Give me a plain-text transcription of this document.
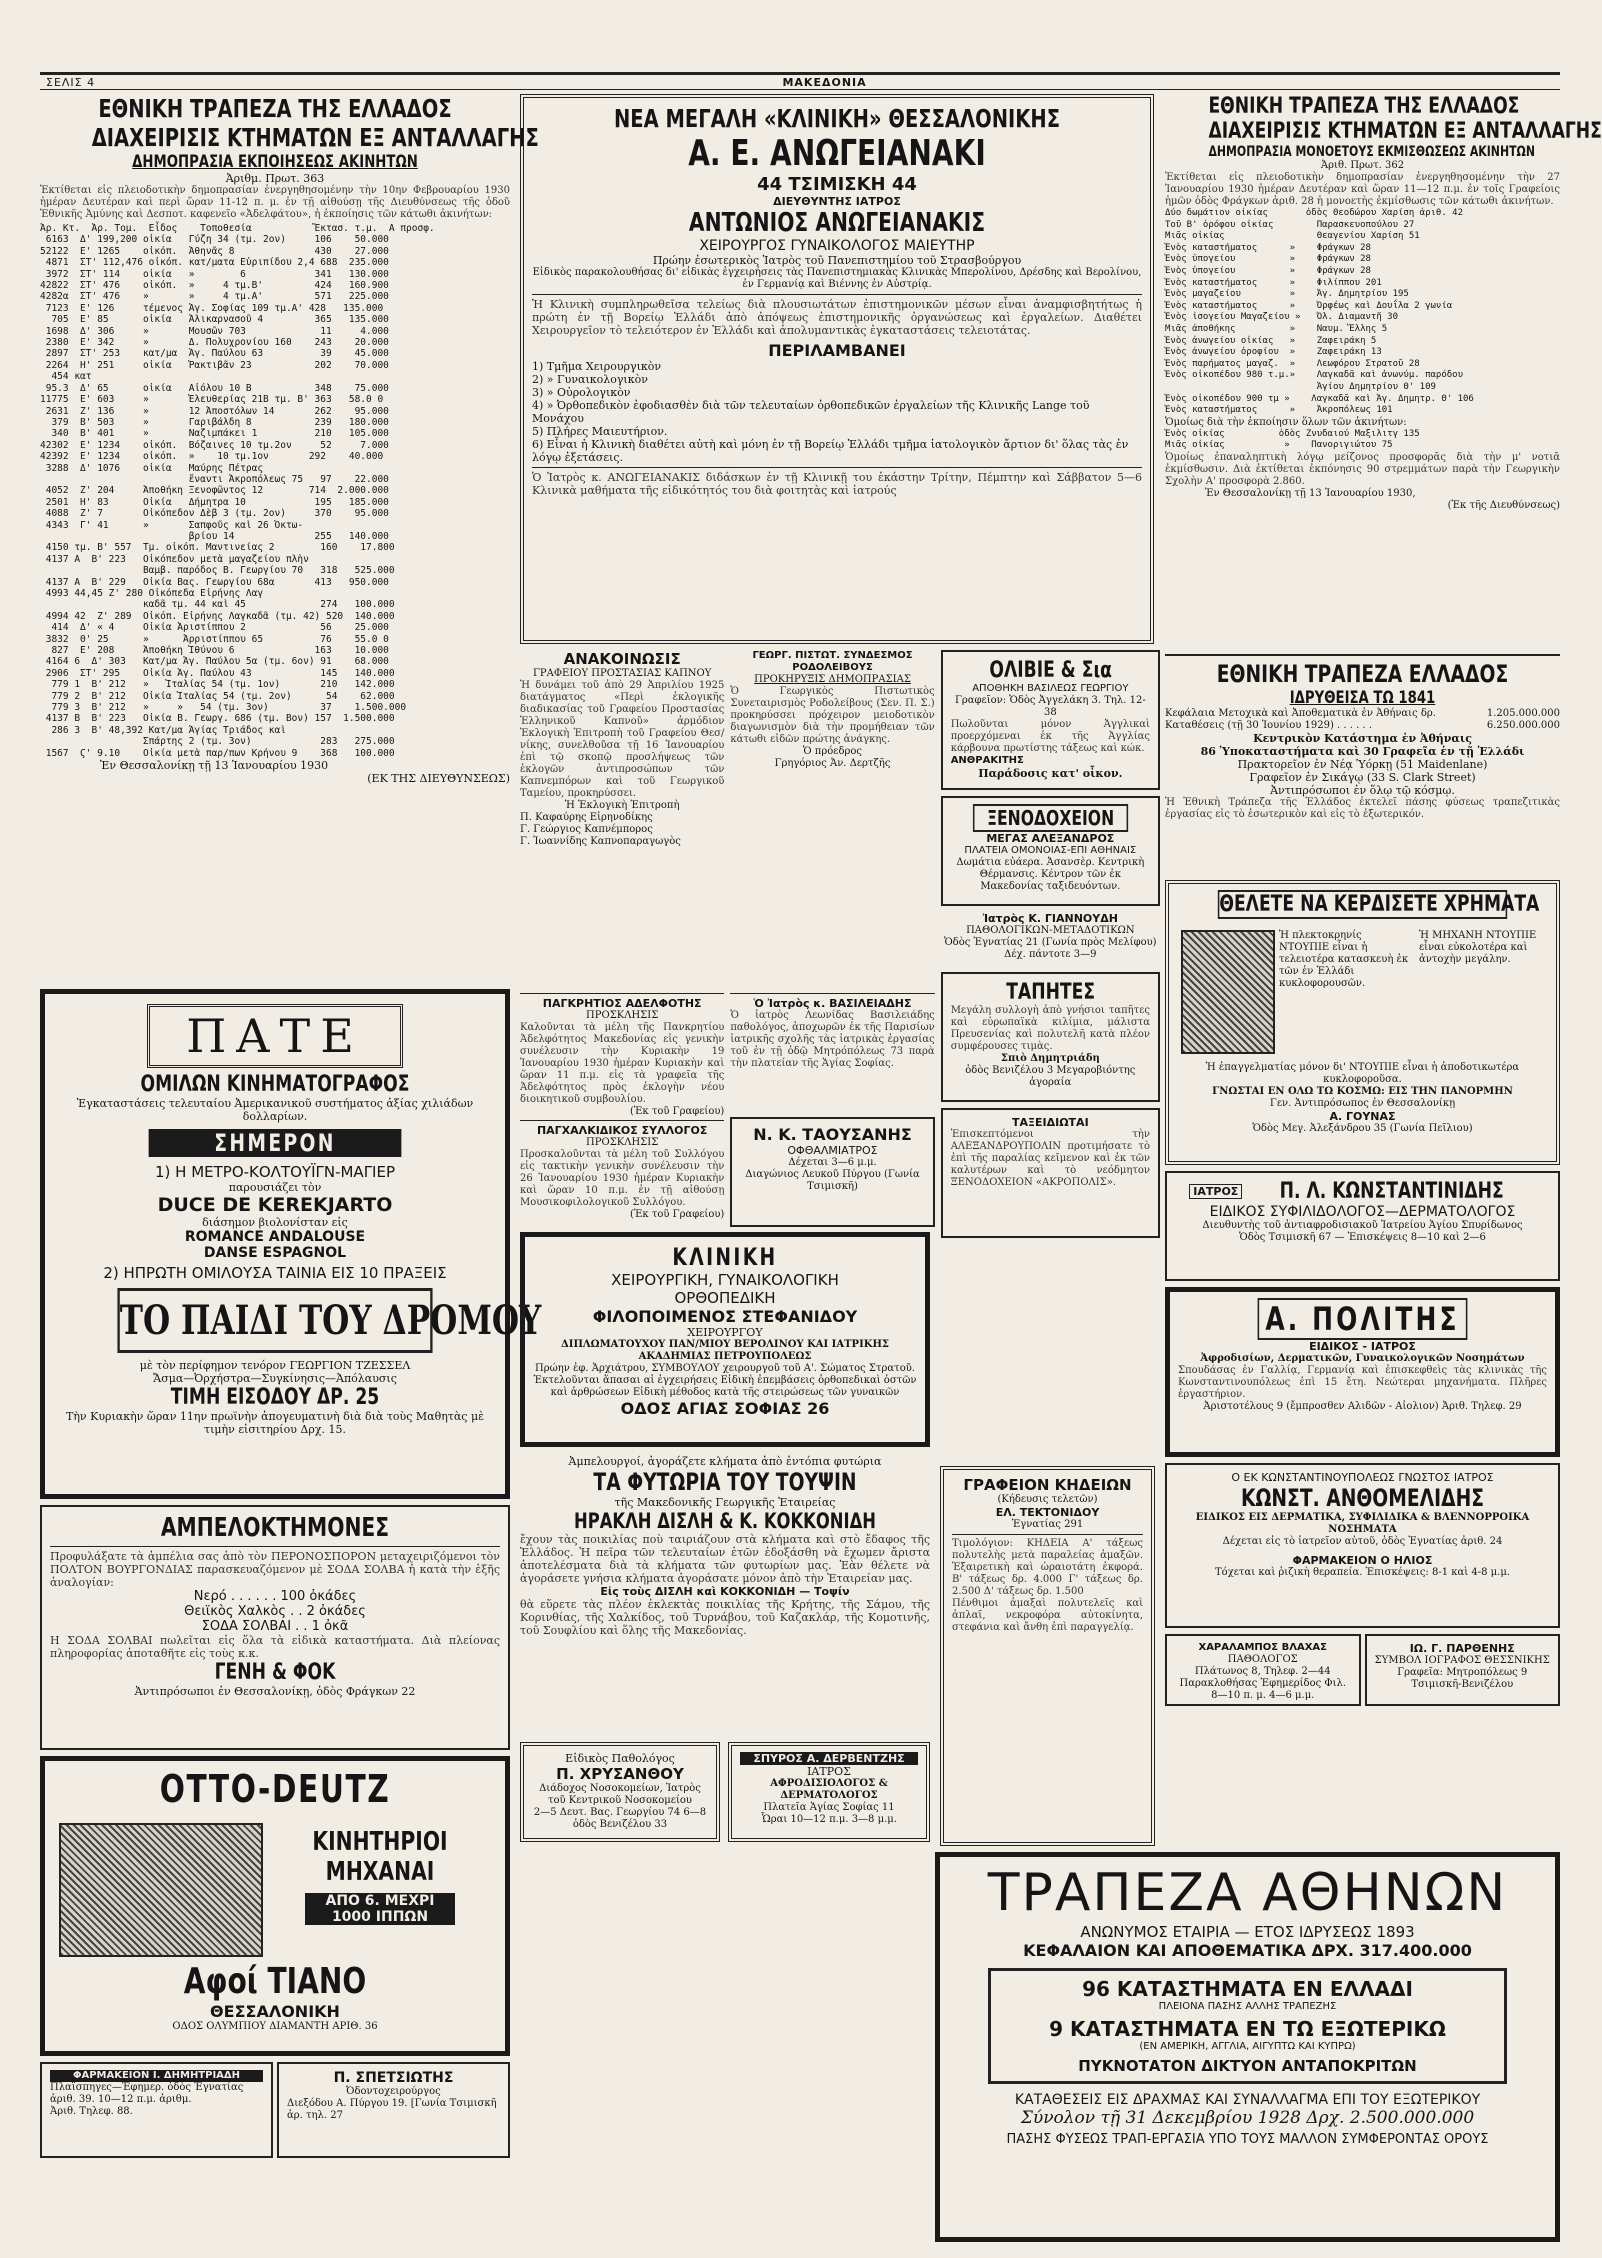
ΣΕΛΙΣ 4	ΜΑΚΕΔΟΝΙΑ
ΕΘΝΙΚΗ ΤΡΑΠΕΖΑ ΤΗΣ ΕΛΛΑΔΟΣ
ΔΙΑΧΕΙΡΙΣΙΣ ΚΤΗΜΑΤΩΝ ΕΞ ΑΝΤΑΛΛΑΓΗΣ
ΔΗΜΟΠΡΑΣΙΑ ΕΚΠΟΙΗΣΕΩΣ ΑΚΙΝΗΤΩΝ
Ἀριθμ. Πρωτ. 363
Ἐκτίθεται εἰς πλειοδοτικὴν δημοπρασίαν ἐνεργηθησομένην τὴν 10ην Φεβρουαρίου 1930 ἡμέραν Δευτέραν καὶ περὶ ὥραν 11-12 π. μ. ἐν τῇ αἰθούσῃ τῆς Διευθύνσεως τῆς ὁδοῦ Ἐθνικῆς Ἀμύνης καὶ Δεσποτ. καφενεῖο «Ἀδελφάτου», ἡ ἐκποίησις τῶν κάτωθι ἀκινήτων:
Ἀρ. Κτ.  Ἀρ. Τομ.  Εἶδος    Τοποθεσία           Ἔκτασ. τ.μ.  Α προσφ.
6163  Δ' 199,200 οἰκία   Γύζη 34 (τμ. 2ον)     106    50.000
52122  Ε' 1265    οἰκόπ.  Ἀθηνᾶς 8              430    27.000
4871  ΣΤ' 112,476 οἰκόπ. κατ/ματα Εὐριπίδου 2,4 688  235.000
3972  ΣΤ' 114    οἰκία   »        6            341   130.000
42822  ΣΤ' 476    οἰκόπ.  »     4 τμ.Β'         424   160.900
4282α  ΣΤ' 476    »       »     4 τμ.Α'         571   225.000
7123  Ε' 126     τέμενος Ἁγ. Σοφίας 109 τμ.Α' 428   135.000
705  Ε' 85      οἰκία   Ἀλικαρνασοῦ 4         365   135.000
1698  Δ' 306     »       Μουσῶν 703             11     4.000
2380  Ε' 342     »       Δ. Πολυχρονίου 160    243    20.000
2897  ΣΤ' 253    κατ/μα  Ἁγ. Παύλου 63          39    45.000
2264  Η' 251     οἰκία   Ῥακτιβᾶν 23           202    70.000
454 κατ
95.3  Δ' 65      οἰκία   Αἰόλου 10 Β           348    75.000
11775  Ε' 603     »       Ἐλευθερίας 21Β τμ. Β' 363   58.0 0
2631  Ζ' 136     »       12 Ἀποστόλων 14       262    95.000
379  Β' 503     »       Γαριβάλδη 8           239   180.000
340  Β' 401     »       Ναζιμπάκει 1          210   105.000
42302  Ε' 1234    οἰκόπ.  Βόζαινες 10 τμ.2ον     52     7.000
42392  Ε' 1234    οἰκόπ.  »    10 τμ.1ον       292    40.000
3288  Δ' 1076    οἰκία   Μαύρης Πέτρας
ἔναντι Ἀκροπόλεως 75   97    22.000
4052  Ζ' 204     Ἀποθήκη Ξενοφῶντος 12        714  2.000.000
2501  Η' 83      Οἰκία   Δήμητρα 10            195   185.000
4088  Ζ' 7       Οἰκόπεδον Δὲβ 3 (τμ. 2ον)     370    95.000
4343  Γ' 41      »       Σαπφοῦς καὶ 26 Ὀκτω-
βρίου 14              255   140.000
4150 τμ. Β' 557  Τμ. οἰκόπ. Μαντινείας 2        160    17.800
4137 Α  Β' 223   Οἰκόπεδον μετὰ μαγαζείου πλὴν
Βαμβ. παρόδος Β. Γεωργίου 70   318   525.000
4137 Α  Β' 229   Οἰκία Βας. Γεωργίου 68α       413   950.000
4993 44,45 Ζ' 280 Οἰκόπεδα Εἰρήνης Λαγ
καδᾶ τμ. 44 καὶ 45             274   100.000
4994 42  Ζ' 289  Οἰκόπ. Εἰρήνης Λαγκαδᾶ (τμ. 42) 520  140.000
414  Δ' « 4     Οἰκία Ἀριστίππου 2             56    25.000
3832  Θ' 25      »      Ἀρριστίππου 65          76    55.0 0
827  Ε' 208     Ἀποθήκη Ἰθύνου 6              163    10.000
4164 6  Δ' 303   Κατ/μα Ἁγ. Παύλου 5α (τμ. 6ον) 91    68.000
2906  ΣΤ' 295    Οἰκία Ἁγ. Παύλου 43            145   140.000
779 1  Β' 212   »   Ἰταλίας 54 (τμ. 1ον)       210   142.000
779 2  Β' 212   Οἰκία Ἰταλίας 54 (τμ. 2ον)      54    62.000
779 3  Β' 212   »     »   54 (τμ. 3ον)         37    1.500.000
4137 Β  Β' 223   Οἰκία Β. Γεωργ. 686 (τμ. Βον) 157  1.500.000
286 3  Β' 48,392 Κατ/μα Ἁγίας Τριάδος καὶ
Σπάρτης 2 (τμ. 3ον)            283   275.000
1567  Ϛ' 9.10    Οἰκία μετὰ παρ/πων Κρήνου 9    368   100.000
Ἐν Θεσσαλονίκῃ τῇ 13 Ἰανουαρίου 1930
(ΕΚ ΤΗΣ ΔΙΕΥΘΥΝΣΕΩΣ)
ΠΑΤΕ
ΟΜΙΛΩΝ ΚΙΝΗΜΑΤΟΓΡΑΦΟΣ
Ἐγκαταστάσεις τελευταίου Ἀμερικανικοῦ συστήματος ἀξίας χιλιάδων δολλαρίων.
ΣΗΜΕΡΟΝ
1) Η ΜΕΤΡΟ-ΚΟΛΤΟΥΪΓΝ-ΜΑΓΙΕΡ
παρουσιάζει τὸν
DUCE DE KEREKJARTO
διάσημον βιολονίσταν εἰς
ROMANCE ANDALOUSE
DANSE ESPAGNOL
2) ΗΠΡΩΤΗ ΟΜΙΛΟΥΣΑ ΤΑΙΝΙΑ ΕΙΣ 10 ΠΡΑΞΕΙΣ
ΤΟ ΠΑΙΔΙ ΤΟΥ ΔΡΟΜΟΥ
μὲ τὸν περίφημον τενόρον ΓΕΩΡΓΙΟΝ ΤΖΕΣΣΕΛ
Ἄσμα—Ὀρχήστρα—Συγκίνησις—Ἀπόλαυσις
ΤΙΜΗ ΕΙΣΟΔΟΥ ΔΡ. 25
Τὴν Κυριακὴν ὥραν 11ην πρωϊνὴν ἀπογευματινὴ διὰ διὰ τοὺς Μαθητὰς μὲ τιμὴν εἰσιτηρίου Δρχ. 15.
ΑΜΠΕΛΟΚΤΗΜΟΝΕΣ
Προφυλάξατε τὰ ἀμπέλια σας ἀπὸ τὸν ΠΕΡΟΝΟΣΠΟΡΟΝ μεταχειριζόμενοι τὸν ΠΟΛΤΟΝ ΒΟΥΡΓΟΝΔΙΑΣ παρασκευαζόμενον μὲ ΣΟΔΑ ΣΟΛΒΑ ἡ κατὰ τὴν ἑξῆς ἀναλογίαν:
Νερό . . . . . . 100 ὀκάδες
Θειϊκὸς Χαλκὸς . . 2 ὀκάδες
ΣΟΔΑ ΣΟΛΒΑΙ . . 1 ὀκᾶ
Η ΣΟΔΑ ΣΟΛΒΑΙ πωλεῖται εἰς ὅλα τὰ εἰδικὰ καταστήματα. Διὰ πλείονας πληροφορίας ἀποταθῆτε εἰς τοὺς κ.κ.
ΓΕΝΗ & ΦΟΚ
Ἀντιπρόσωποι ἐν Θεσσαλονίκῃ, ὁδὸς Φράγκων 22
OTTO-DEUTZ
ΚΙΝΗΤΗΡΙΟΙ
ΜΗΧΑΝΑΙ
ΑΠΟ 6. ΜΕΧΡΙ
1000 ΙΠΠΩΝ
Αφοί ΤΙΑΝΟ
ΘΕΣΣΑΛΟΝΙΚΗ
ΟΔΟΣ ΟΛΥΜΠΙΟΥ ΔΙΑΜΑΝΤΗ ΑΡΙΘ. 36
ΦΑΡΜΑΚΕΙΟΝ Ι. ΔΗΜΗΤΡΙΑΔΗ
Πλαϊσπηγες—Ἐφημερ. ὁδὸς Ἐγνατίας ἀριθ. 39. 10—12 π.μ. ἀριθμ.
Ἀριθ. Τηλεφ. 88.
Π. ΣΠΕΤΣΙΩΤΗΣ
Ὀδοντοχειρούργος
Διεξόδου Α. Πύργου 19. [Γωνία Τσιμισκῆ ἀρ. τηλ. 27
ΝΕΑ ΜΕΓΑΛΗ «ΚΛΙΝΙΚΗ» ΘΕΣΣΑΛΟΝΙΚΗΣ
Α. Ε. ΑΝΩΓΕΙΑΝΑΚΙ
44 ΤΣΙΜΙΣΚΗ 44
ΔΙΕΥΘΥΝΤΗΣ ΙΑΤΡΟΣ
ΑΝΤΩΝΙΟΣ ΑΝΩΓΕΙΑΝΑΚΙΣ
ΧΕΙΡΟΥΡΓΟΣ ΓΥΝΑΙΚΟΛΟΓΟΣ ΜΑΙΕΥΤΗΡ
Πρώην ἐσωτερικὸς Ἰατρὸς τοῦ Πανεπιστημίου τοῦ Στρασβούργου
Εἰδικὸς παρακολουθήσας δι' εἰδικὰς ἐγχειρήσεις τὰς Πανεπιστημιακὰς Κλινικὰς Μπερολίνου, Δρέσδης καὶ Βερολίνου, ἐν Γερμανίᾳ καὶ Βιέννης ἐν Αὐστρίᾳ.
Ἡ Κλινικὴ συμπληρωθεῖσα τελείως διὰ πλουσιωτάτων ἐπιστημονικῶν μέσων εἶναι ἀναμφισβητήτως ἡ πρώτη ἐν τῇ Βορείῳ Ἑλλάδι ἀπὸ ἀπόψεως ἐπιστημονικῆς ὀργανώσεως καὶ ἐργαλείων. Διαθέτει Χειρουργεῖον τὸ τελειότερον ἐν Ἑλλάδι καὶ ἀπολυμαντικὰς ἐγκαταστάσεις τελειοτάτας.
ΠΕΡΙΛΑΜΒΑΝΕΙ
1) Τμῆμα Χειρουργικὸν
2) » Γυναικολογικὸν
3) » Οὐρολογικὸν
4) » Ὀρθοπεδικὸν ἐφοδιασθὲν διὰ τῶν τελευταίων ὀρθοπεδικῶν ἐργαλείων τῆς Κλινικῆς Lange τοῦ Μονάχου
5) Πλήρες Μαιευτήριον.
6) Εἶναι ἡ Κλινικὴ διαθέτει αὐτὴ καὶ μόνη ἐν τῇ Βορείῳ Ἑλλάδι τμῆμα ἰατολογικὸν ἄρτιον δι' ὅλας τὰς ἐν λόγῳ ἐξετάσεις.
Ὁ Ἰατρὸς κ. ΑΝΩΓΕΙΑΝΑΚΙΣ διδάσκων ἐν τῇ Κλινικῇ του ἑκάστην Τρίτην, Πέμπτην καὶ Σάββατον 5—6 Κλινικὰ μαθήματα τῆς εἰδικότητός του διὰ φοιτητὰς καὶ ἰατρούς
ΑΝΑΚΟΙΝΩΣΙΣ
ΓΡΑΦΕΙΟΥ ΠΡΟΣΤΑΣΙΑΣ ΚΑΠΝΟΥ
Ἡ δυνάμει τοῦ ἀπὸ 29 Ἀπριλίου 1925 διατάγματος «Περὶ ἐκλογικῆς διαδικασίας τοῦ Γραφείου Προστασίας Ἑλληνικοῦ Καπνοῦ» ἀρμόδιον Ἐκλογικὴ Ἐπιτροπὴ τοῦ Γραφείου Θεσ/νίκης, συνελθοῦσα τῇ 16 Ἰανουαρίου ἐπὶ τῷ σκοπῷ προσλήψεως τῶν ἐκλογῶν ἀντιπροσώπων τῶν Καπνεμπόρων καὶ τοῦ Γεωργικοῦ Ταμείου, προκηρύσσει.
Ἡ Ἐκλογικὴ Ἐπιτροπὴ
Π. Καφαύρης Εἰρηνοδίκης
Γ. Γεώργιος Καπνέμπορος
Γ. Ἰωαννίδης Καπνοπαραγωγὸς
ΠΑΓΚΡΗΤΙΟΣ ΑΔΕΛΦΟΤΗΣ
ΠΡΟΣΚΛΗΣΙΣ
Καλοῦνται τὰ μέλη τῆς Πανκρητίου Ἀδελφότητος Μακεδονίας εἰς γενικὴν συνέλευσιν τὴν Κυριακὴν 19 Ἰανουαρίου 1930 ἡμέραν Κυριακὴν καὶ ὥραν 11 π.μ. εἰς τὰ γραφεῖα τῆς Ἀδελφότητος πρὸς ἐκλογὴν νέου διοικητικοῦ συμβουλίου.
(Ἐκ τοῦ Γραφείου)
ΠΑΓΧΑΛΚΙΔΙΚΟΣ ΣΥΛΛΟΓΟΣ
ΠΡΟΣΚΛΗΣΙΣ
Προσκαλοῦνται τὰ μέλη τοῦ Συλλόγου εἰς τακτικὴν γενικὴν συνέλευσιν τὴν 26 Ἰανουαρίου 1930 ἡμέραν Κυριακὴν καὶ ὥραν 10 π.μ. ἐν τῇ αἰθούσῃ Μουσικοφιλολογικοῦ Συλλόγου.
(Ἐκ τοῦ Γραφείου)
ΓΕΩΡΓ. ΠΙΣΤΩΤ. ΣΥΝΔΕΣΜΟΣ ΡΟΔΟΛΕΙΒΟΥΣ
ΠΡΟΚΗΡΥΞΙΣ ΔΗΜΟΠΡΑΣΙΑΣ
Ὁ Γεωργικὸς Πιστωτικὸς Συνεταιρισμὸς Ροδολείβους (Σεν. Π. Σ.) προκηρύσσει πρόχειρον μειοδοτικὸν διαγωνισμὸν διὰ τὴν προμήθειαν τῶν κάτωθι εἰδῶν πρώτης ἀνάγκης.
Ὁ πρόεδρος
Γρηγόριος Ἀν. Δερτζῆς
Ὁ Ἰατρὸς κ. ΒΑΣΙΛΕΙΑΔΗΣ
Ὁ ἰατρὸς Λεωνίδας Βασιλειάδης παθολόγος, ἀποχωρῶν ἐκ τῆς Παρισίων ἰατρικῆς σχολῆς τὰς ἰατρικὰς ἐργασίας τοῦ ἐν τῇ ὁδῷ Μητρόπόλεως 73 παρὰ τὴν πλατείαν τῆς Ἁγίας Σοφίας.
Ν. Κ. ΤΑΟΥΣΑΝΗΣ
ΟΦΘΑΛΜΙΑΤΡΟΣ
Δέχεται 3—6 μ.μ.
Διαγώνιος Λευκοῦ Πύργου (Γωνία Τσιμισκῆ)
ΟΛΙΒΙΕ & Σια
ΑΠΟΘΗΚΗ ΒΑΣΙΛΕΩΣ ΓΕΩΡΓΙΟΥ
Γραφεῖον: Ὁδὸς Ἀγγελάκη 3. Τηλ. 12-38
Πωλοῦνται μόνον Ἀγγλικαὶ προερχόμεναι ἐκ τῆς Ἀγγλίας κάρβουνα πρωτίστης τάξεως καὶ κώκ.
ΑΝΘΡΑΚΙΤΗΣ
Παράδοσις κατ' οἶκον.
ΞΕΝΟΔΟΧΕΙΟΝ
ΜΕΓΑΣ ΑΛΕΞΑΝΔΡΟΣ
ΠΛΑΤΕΙΑ ΟΜΟΝΟΙΑΣ-ΕΠΙ ΑΘΗΝΑΙΣ
Δωμάτια εὐάερα. Ἀσανσὲρ. Κεντρικὴ Θέρμανσις. Κέντρον τῶν ἐκ Μακεδονίας ταξιδευόντων.
Ἰατρὸς Κ. ΓΙΑΝΝΟΥΔΗ
ΠΑΘΟΛΟΓΙΚΩΝ-ΜΕΤΑΔΟΤΙΚΩΝ
Ὁδὸς Ἐγνατίας 21 (Γωνία πρὸς Μελίφου) Δέχ. πάντοτε 3—9
ΤΑΠΗΤΕΣ
Μεγάλη συλλογὴ ἀπὸ γνήσιοι ταπῆτες καὶ εὐρωπαϊκὰ κιλίμια, μάλιστα Πρευσενίας καὶ πολυτελῆ κατὰ πλέον συμφέρουσες τιμὰς.
Σπιὸ Δημητριάδη
ὁδὸς Βενιζέλου 3 Μεγαροβιόντης ἀγοραία
ΤΑΞΕΙΔΙΩΤΑΙ
Ἐπισκεπτόμενοι τὴν ΑΛΕΞΑΝΔΡΟΥΠΟΛΙΝ προτιμήσατε τὸ ἐπὶ τῆς παραλίας κεῖμενον καὶ ἐκ τῶν καλυτέρων καὶ τὸ νεόδμητον ΞΕΝΟΔΟΧΕΙΟΝ «ΑΚΡΟΠΟΛΙΣ».
ΚΛΙΝΙΚΗ
ΧΕΙΡΟΥΡΓΙΚΗ, ΓΥΝΑΙΚΟΛΟΓΙΚΗ
ΟΡΘΟΠΕΔΙΚΗ
ΦΙΛΟΠΟΙΜΕΝΟΣ ΣΤΕΦΑΝΙΔΟΥ
ΧΕΙΡΟΥΡΓΟΥ
ΔΙΠΛΩΜΑΤΟΥΧΟΥ ΠΑΝ/ΜΙΟΥ ΒΕΡΟΛΙΝΟΥ ΚΑΙ ΙΑΤΡΙΚΗΣ ΑΚΑΔΗΜΙΑΣ ΠΕΤΡΟΥΠΟΛΕΩΣ
Πρώην ἐφ. Ἀρχιάτρου, ΣΥΜΒΟΥΛΟΥ χειρουργοῦ τοῦ Α'. Σώματος Στρατοῦ.
Ἐκτελοῦνται ἅπασαι αἱ ἐγχειρήσεις Εἰδικὴ ἐπεμβάσεις ὀρθοπεδικαὶ ὀστῶν καὶ ἀρθρώσεων Εἰδικὴ μέθοδος κατὰ τῆς στειρώσεως τῶν γυναικῶν
ΟΔΟΣ ΑΓΙΑΣ ΣΟΦΙΑΣ 26
Ἀμπελουργοί, ἀγοράζετε κλήματα ἀπὸ ἐντόπια φυτώρια
ΤΑ ΦΥΤΩΡΙΑ ΤΟΥ ΤΟΥΨΙΝ
τῆς Μακεδονικῆς Γεωργικῆς Ἑταιρείας
ΗΡΑΚΛΗ ΔΙΣΛΗ & Κ. ΚΟΚΚΟΝΙΔΗ
ἔχουν τὰς ποικιλίας ποὺ ταιριάζουν στὰ κλήματα καὶ στὸ ἔδαφος τῆς Ἑλλάδος. Ἡ πεῖρα τῶν τελευταίων ἐτῶν ἐδοξάσθη νὰ ἔχωμεν ἄριστα ἀποτελέσματα διὰ τὰ κλήματα τῶν φυτωρίων μας. Ἐὰν θέλετε νὰ ἀγοράσετε γνήσια κλήματα ἀγοράσατε μόνον ἀπὸ τὴν Ἑταιρείαν μας.
Εἰς τοὺς ΔΙΣΛΗ καὶ ΚΟΚΚΟΝΙΔΗ — Τοψίν
θὰ εὕρετε τὰς πλέον ἐκλεκτὰς ποικιλίας τῆς Κρήτης, τῆς Σάμου, τῆς Κορινθίας, τῆς Χαλκίδος, τοῦ Τυρνάβου, τοῦ Καζακλάρ, τῆς Κομοτινῆς, τοῦ Σουφλίου καὶ ὅλης τῆς Μακεδονίας.
Εἰδικὸς Παθολόγος
Π. ΧΡΥΣΑΝΘΟΥ
Διάδοχος Νοσοκομείων, Ἰατρὸς τοῦ Κεντρικοῦ Νοσοκομείου
2—5 Δευτ. Βας. Γεωργίου 74 6—8 ὁδὸς Βενιζέλου 33
ΣΠΥΡΟΣ Α. ΔΕΡΒΕΝΤΖΗΣ
ΙΑΤΡΟΣ
ΑΦΡΟΔΙΣΙΟΛΟΓΟΣ & ΔΕΡΜΑΤΟΛΟΓΟΣ
Πλατεῖα Ἁγίας Σοφίας 11
Ὧραι 10—12 π.μ. 3—8 μ.μ.
ΓΡΑΦΕΙΟΝ ΚΗΔΕΙΩΝ
(Κήδευσις τελετῶν)
ΕΛ. ΤΕΚΤΟΝΙΔΟΥ
Ἐγνατίας 291
Τιμολόγιον: ΚΗΔΕΙΑ Α' τάξεως πολυτελὴς μετὰ παραλείας ἀμαξῶν. Ἐξαιρετικὴ καὶ ὡραιοτάτη ἐκφορά. Β' τάξεως δρ. 4.000 Γ' τάξεως δρ. 2.500 Δ' τάξεως δρ. 1.500
Πένθιμοι ἀμαξαὶ πολυτελεῖς καὶ ἁπλαῖ, νεκροφόρα αὐτοκίνητα, στεφάνια καὶ ἄνθη ἐπὶ παραγγελίᾳ.
ΕΘΝΙΚΗ ΤΡΑΠΕΖΑ ΤΗΣ ΕΛΛΑΔΟΣ
ΔΙΑΧΕΙΡΙΣΙΣ ΚΤΗΜΑΤΩΝ ΕΞ ΑΝΤΑΛΛΑΓΗΣ
ΔΗΜΟΠΡΑΣΙΑ ΜΟΝΟΕΤΟΥΣ ΕΚΜΙΣΘΩΣΕΩΣ ΑΚΙΝΗΤΩΝ
Ἀριθ. Πρωτ. 362
Ἐκτίθεται εἰς πλειοδοτικὴν δημοπρασίαν ἐνεργηθησομένην τὴν 27 Ἰανουαρίου 1930 ἡμέραν Δευτέραν καὶ ὥραν 11—12 π.μ. ἐν τοῖς Γραφείοις ἡμῶν ὁδὸς Φράγκων ἀριθ. 28 ἡ μονοετὴς ἐκμίσθωσις τῶν κάτωθι ἀκινήτων.
Δύο δωμάτιον οἰκίας       ὁδὸς Θεοδώρου Χαρίση ἀριθ. 42
Τοῦ Β' ὀρόφου οἰκίας        Παρασκευοπούλου 27
Μιᾶς οἰκίας                 Θεαγενίου Χαρίση 51
Ἑνὸς καταστήματος      »    Φράγκων 28
Ἑνὸς ὑπογείου          »    Φράγκων 28
Ἑνὸς ὑπογείου          »    Φράγκων 28
Ἑνὸς καταστήματος      »    Φιλίππου 201
Ἑνὸς μαγαζείου         »    Ἁγ. Δημητρίου 195
Ἑνὸς καταστήματος      »    Ὀρφέως καὶ Δουΐλα 2 γωνία
Ἑνὸς ἰσογείου Μαγαζείου »   Ὀλ. Διαμαντῆ 30
Μιᾶς ἀποθήκης          »    Ναυμ. Ἕλλης 5
Ἑνὸς ἀνωγείου οἰκίας   »    Ζαφειράκη 5
Ἑνὸς ἀνωγείου ὀροφίου  »    Ζαφειράκη 13
Ἑνὸς παρήματος μαγαζ.  »    Λεωφόρου Στρατοῦ 28
Ἑνὸς οἰκοπέδου 980 τ.μ.»    Λαγκαδᾶ καὶ ἀνωνύμ. παρόδου
Ἁγίου Δημητρίου Θ' 109
Ἑνὸς οἰκοπέδου 900 τμ »    Λαγκαδᾶ καὶ Ἁγ. Δημητρ. Θ' 106
Ἑνὸς καταστήματος      »    Ἀκροπόλεως 101
Ὁμοίως διὰ τὴν ἐκποίησιν ὅλων τῶν ἀκινήτων:
Ἑνὸς οἰκίας          ὁδὸς Ζνυδαιού Μαξιλιτγ 135
Μιᾶς οἰκίας           »    Πανοριγιώτου 75
Ὁμοίως ἐπαναληπτικὴ λόγῳ μείζονος προσφορᾶς διὰ τὴν μ' νοτιᾶ ἐκμίσθωσιν. Διὰ ἐκτίθεται ἐκπόνησις 90 στρεμμάτων παρὰ τὴν Γεωργικὴν Σχολὴν Α' προσφορὰ 2.860.
Ἐν Θεσσαλονίκῃ τῇ 13 Ἰανουαρίου 1930,
(Ἐκ τῆς Διευθύνσεως)
ΕΘΝΙΚΗ ΤΡΑΠΕΖΑ ΕΛΛΑΔΟΣ
ΙΔΡΥΘΕΙΣΑ ΤΩ 1841
Κεφάλαια Μετοχικὰ καὶ Ἀποθεματικὰ ἐν Ἀθήναις δρ.	1.205.000.000
Καταθέσεις (τῇ 30 Ἰουνίου 1929) . . . . . .	6.250.000.000
Κεντρικὸν Κατάστημα ἐν Ἀθήναις
86 Ὑποκαταστήματα καὶ 30 Γραφεῖα ἐν τῇ Ἑλλάδι
Πρακτορεῖον ἐν Νέᾳ Ὑόρκῃ (51 Maidenlane)
Γραφεῖον ἐν Σικάγῳ (33 S. Clark Street)
Ἀντιπρόσωποι ἐν ὅλῳ τῷ κόσμῳ.
Ἡ Ἐθνικὴ Τράπεζα τῆς Ἑλλάδος ἐκτελεῖ πάσης φύσεως τραπεζιτικὰς ἐργασίας εἰς τὸ ἐσωτερικὸν καὶ εἰς τὸ ἐξωτερικόν.
ΘΕΛΕΤΕ ΝΑ ΚΕΡΔΙΣΕΤΕ ΧΡΗΜΑΤΑ
Ἡ πλεκτοκρηνίς ΝΤΟΥΠΙΕ εἶναι ἡ τελειοτέρα κατασκευὴ ἐκ τῶν ἐν Ἑλλάδι κυκλοφορουσῶν.
Ἡ ΜΗΧΑΝΗ ΝΤΟΥΠΙΕ εἶναι εὐκολοτέρα καὶ ἀντοχὴν μεγάλην.
Ἡ ἐπαγγελματίας μόνον δι' ΝΤΟΥΠΙΕ εἶναι ἡ ἀποδοτικωτέρα κυκλοφοροῦσα.
ΓΝΩΣΤΑΙ ΕΝ ΟΛΩ ΤΩ ΚΟΣΜΩ: ΕΙΣ ΤΗΝ ΠΑΝΟΡΜΗΝ
Γεν. Ἀντιπρόσωπος ἐν Θεσσαλονίκῃ
Α. ΓΟΥΝΑΣ
Ὁδὸς Μεγ. Ἀλεξάνδρου 35 (Γωνία Πεῖλιου)
ΙΑΤΡΟΣ Π. Λ. ΚΩΝΣΤΑΝΤΙΝΙΔΗΣ
ΕΙΔΙΚΟΣ ΣΥΦΙΛΙΔΟΛΟΓΟΣ—ΔΕΡΜΑΤΟΛΟΓΟΣ
Διευθυντὴς τοῦ ἀντιαφροδισιακοῦ Ἰατρείου Ἀγίου Σπυρίδωνος
Ὁδὸς Τσιμισκῆ 67 — Ἐπισκέψεις 8—10 καὶ 2—6
Α. ΠΟΛΙΤΗΣ
ΕΙΔΙΚΟΣ - ΙΑΤΡΟΣ
Ἀφροδισίων, Δερματικῶν, Γυναικολογικῶν Νοσημάτων
Σπουδάσας ἐν Γαλλίᾳ, Γερμανίᾳ καὶ ἐπισκεφθεὶς τὰς κλινικὰς τῆς Κωνσταντινουπόλεως ἐπὶ 15 ἔτη. Νεώτεραι μηχανήματα. Πλῆρες ἐργαστήριον.
Ἀριστοτέλους 9 (ἔμπροσθεν Αλιδῶν - Αἰολιον) Ἀριθ. Τηλεφ. 29
Ο ΕΚ ΚΩΝΣΤΑΝΤΙΝΟΥΠΟΛΕΩΣ ΓΝΩΣΤΟΣ ΙΑΤΡΟΣ
ΚΩΝΣΤ. ΑΝΘΟΜΕΛΙΔΗΣ
ΕΙΔΙΚΟΣ ΕΙΣ ΔΕΡΜΑΤΙΚΑ, ΣΥΦΙΛΙΔΙΚΑ & ΒΛΕΝΝΟΡΡΟΙΚΑ ΝΟΣΗΜΑΤΑ
Δέχεται εἰς τὸ ἰατρεῖον αὐτοῦ, ὁδὸς Ἐγνατίας ἀριθ. 24
ΦΑΡΜΑΚΕΙΟΝ Ο ΗΛΙΟΣ
Τόχεται καὶ ῥιζικὴ θεραπεία. Ἐπισκέψεις: 8-1 καὶ 4-8 μ.μ.
ΧΑΡΑΛΑΜΠΟΣ ΒΛΑΧΑΣ
ΠΑΘΟΛΟΓΟΣ
Πλάτωνος 8, Τηλεφ. 2—44
Παρακλοθήσας Ἐφημερίδος Φιλ. 8—10 π. μ. 4—6 μ.μ.
ΙΩ. Γ. ΠΑΡΘΕΝΗΣ
ΣΥΜΒΟΛ ΙΟΓΡΑΦΟΣ ΘΕΣΣΝΙΚΗΣ
Γραφεῖα: Μητροπόλεως 9 Τσιμισκῆ-Βενιζέλου
ΤΡΑΠΕΖΑ ΑΘΗΝΩΝ
ΑΝΩΝΥΜΟΣ ΕΤΑΙΡΙΑ — ΕΤΟΣ ΙΔΡΥΣΕΩΣ 1893
ΚΕΦΑΛΑΙΟΝ ΚΑΙ ΑΠΟΘΕΜΑΤΙΚΑ ΔΡΧ. 317.400.000
96 ΚΑΤΑΣΤΗΜΑΤΑ ΕΝ ΕΛΛΑΔΙ
ΠΛΕΙΟΝΑ ΠΑΣΗΣ ΑΛΛΗΣ ΤΡΑΠΕΖΗΣ
9 ΚΑΤΑΣΤΗΜΑΤΑ ΕΝ ΤΩ ΕΞΩΤΕΡΙΚΩ
(ΕΝ ΑΜΕΡΙΚΗ, ΑΓΓΛΙΑ, ΑΙΓΥΠΤΩ ΚΑΙ ΚΥΠΡΩ)
ΠΥΚΝΟΤΑΤΟΝ ΔΙΚΤΥΟΝ ΑΝΤΑΠΟΚΡΙΤΩΝ
ΚΑΤΑΘΕΣΕΙΣ ΕΙΣ ΔΡΑΧΜΑΣ ΚΑΙ ΣΥΝΑΛΛΑΓΜΑ ΕΠΙ ΤΟΥ ΕΞΩΤΕΡΙΚΟΥ
Σύνολον τῇ 31 Δεκεμβρίου 1928 Δρχ. 2.500.000.000
ΠΑΣΗΣ ΦΥΣΕΩΣ ΤΡΑΠ-ΕΡΓΑΣΙΑ ΥΠΟ ΤΟΥΣ ΜΑΛΛΟΝ ΣΥΜΦΕΡΟΝΤΑΣ ΟΡΟΥΣ
